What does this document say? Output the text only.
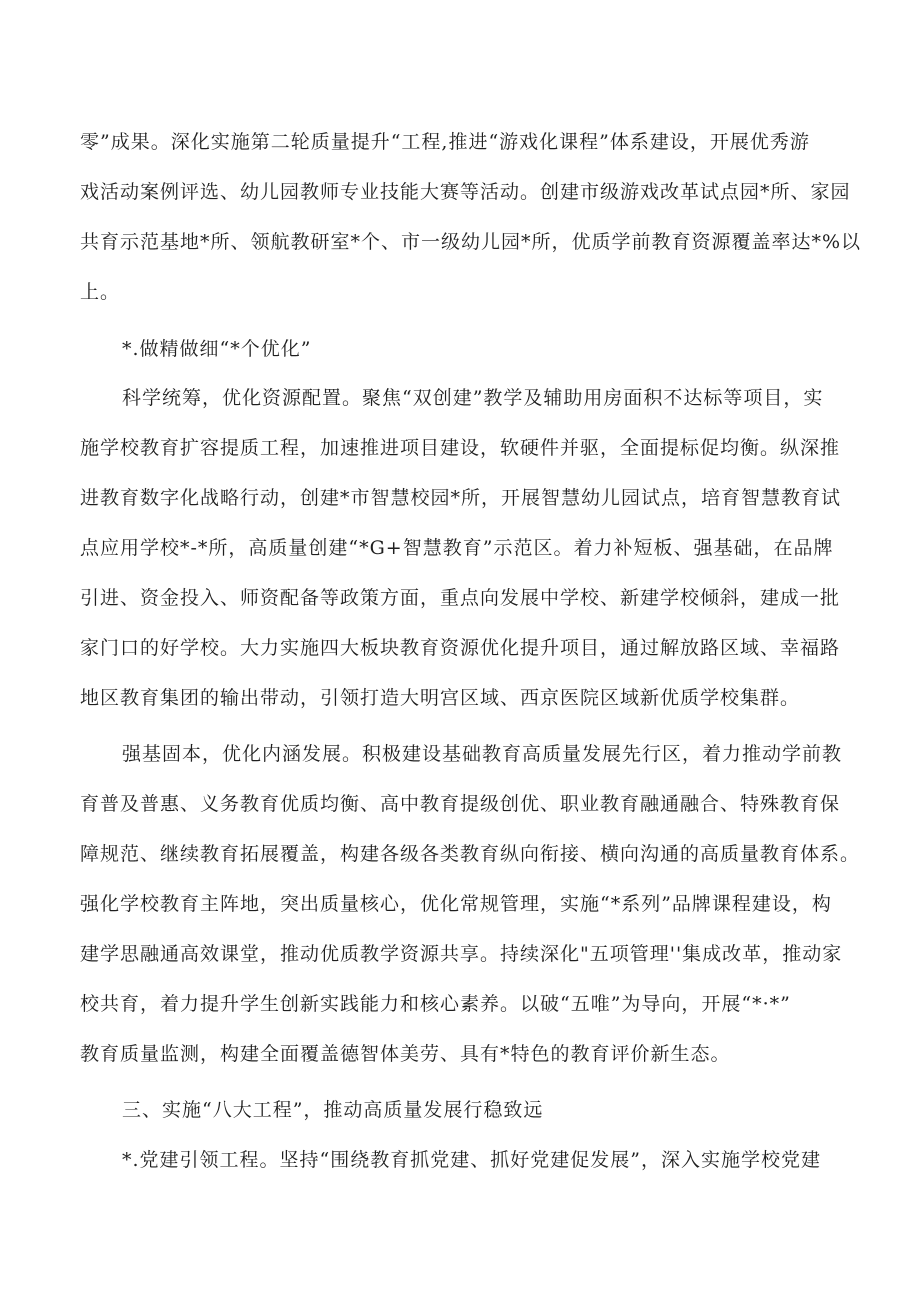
零”成果。深化实施第二轮质量提升“工程,推进“游戏化课程”体系建设，开展优秀游
戏活动案例评选、幼儿园教师专业技能大赛等活动。创建市级游戏改革试点园*所、家园
共育示范基地*所、领航教研室*个、市一级幼儿园*所，优质学前教育资源覆盖率达*%以
上。
*.做精做细“*个优化”
科学统筹，优化资源配置。聚焦“双创建”教学及辅助用房面积不达标等项目，实
施学校教育扩容提质工程，加速推进项目建设，软硬件并驱，全面提标促均衡。纵深推
进教育数字化战略行动，创建*市智慧校园*所，开展智慧幼儿园试点，培育智慧教育试
点应用学校*-*所，高质量创建“*G+智慧教育”示范区。着力补短板、强基础，在品牌
引进、资金投入、师资配备等政策方面，重点向发展中学校、新建学校倾斜，建成一批
家门口的好学校。大力实施四大板块教育资源优化提升项目，通过解放路区域、幸福路
地区教育集团的输出带动，引领打造大明宫区域、西京医院区域新优质学校集群。
强基固本，优化内涵发展。积极建设基础教育高质量发展先行区，着力推动学前教
育普及普惠、义务教育优质均衡、高中教育提级创优、职业教育融通融合、特殊教育保
障规范、继续教育拓展覆盖，构建各级各类教育纵向衔接、横向沟通的高质量教育体系。
强化学校教育主阵地，突出质量核心，优化常规管理，实施“*系列”品牌课程建设，构
建学思融通高效课堂，推动优质教学资源共享。持续深化"五项管理''集成改革，推动家
校共育，着力提升学生创新实践能力和核心素养。以破“五唯”为导向，开展“*·*”
教育质量监测，构建全面覆盖德智体美劳、具有*特色的教育评价新生态。
三、实施“八大工程”，推动高质量发展行稳致远
*.党建引领工程。坚持“围绕教育抓党建、抓好党建促发展”，深入实施学校党建
